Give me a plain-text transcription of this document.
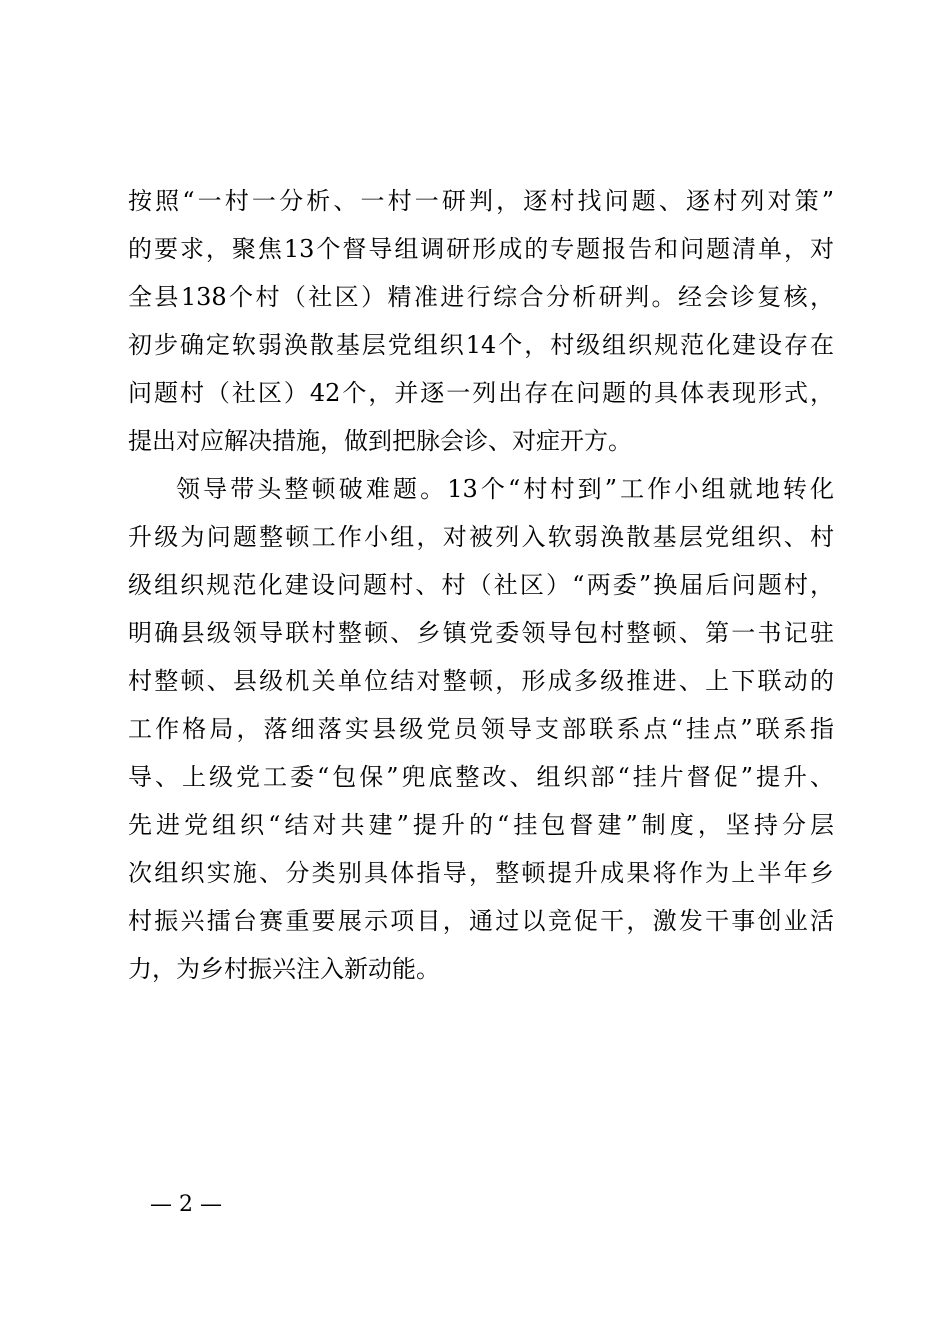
按照“一村一分析、一村一研判，逐村找问题、逐村列对策”
的要求，聚焦13个督导组调研形成的专题报告和问题清单，对
全县138个村（社区）精准进行综合分析研判。经会诊复核，
初步确定软弱涣散基层党组织14个，村级组织规范化建设存在
问题村（社区）42个，并逐一列出存在问题的具体表现形式，
提出对应解决措施，做到把脉会诊、对症开方。
领导带头整顿破难题。13个“村村到”工作小组就地转化
升级为问题整顿工作小组，对被列入软弱涣散基层党组织、村
级组织规范化建设问题村、村（社区）“两委”换届后问题村，
明确县级领导联村整顿、乡镇党委领导包村整顿、第一书记驻
村整顿、县级机关单位结对整顿，形成多级推进、上下联动的
工作格局，落细落实县级党员领导支部联系点“挂点”联系指
导、上级党工委“包保”兜底整改、组织部“挂片督促”提升、
先进党组织“结对共建”提升的“挂包督建”制度，坚持分层
次组织实施、分类别具体指导，整顿提升成果将作为上半年乡
村振兴擂台赛重要展示项目，通过以竞促干，激发干事创业活
力，为乡村振兴注入新动能。
— 2 —
